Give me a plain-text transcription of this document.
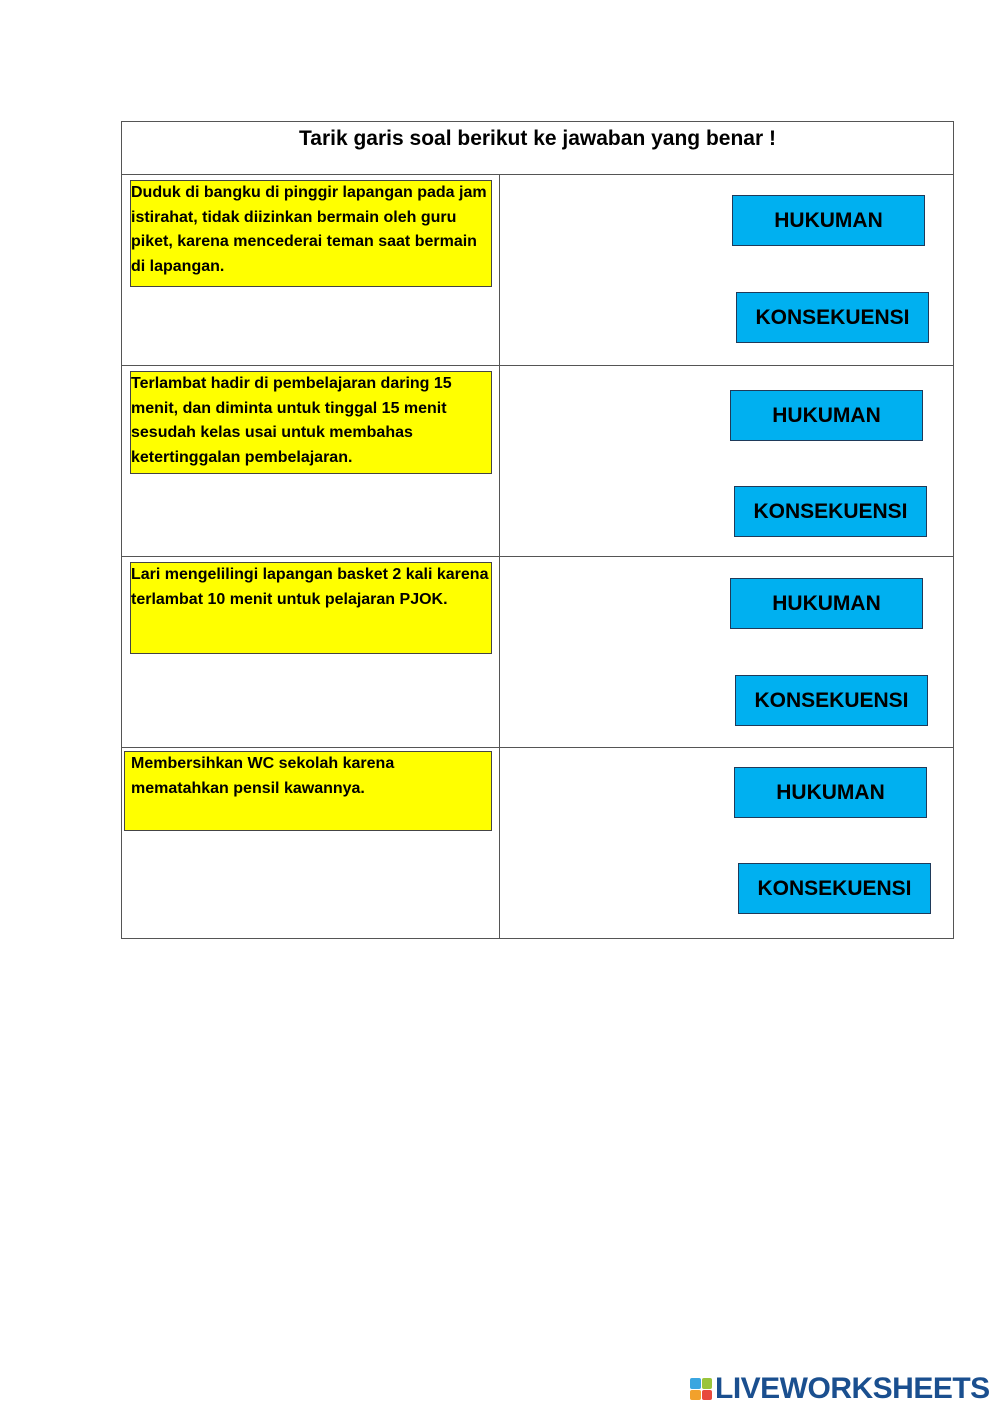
Tarik garis soal berikut ke jawaban yang benar !
Duduk di bangku di pinggir lapangan pada jam istirahat, tidak diizinkan bermain oleh guru piket, karena mencederai teman saat bermain di lapangan.
HUKUMAN
KONSEKUENSI
Terlambat hadir di pembelajaran daring 15 menit, dan diminta untuk tinggal 15 menit sesudah kelas usai untuk membahas ketertinggalan pembelajaran.
HUKUMAN
KONSEKUENSI
Lari mengelilingi lapangan basket 2 kali karena terlambat 10 menit untuk pelajaran PJOK.	HUKUMAN
KONSEKUENSI
Membersihkan WC sekolah karena mematahkan pensil kawannya.	HUKUMAN
KONSEKUENSI
LIVEWORKSHEETS
